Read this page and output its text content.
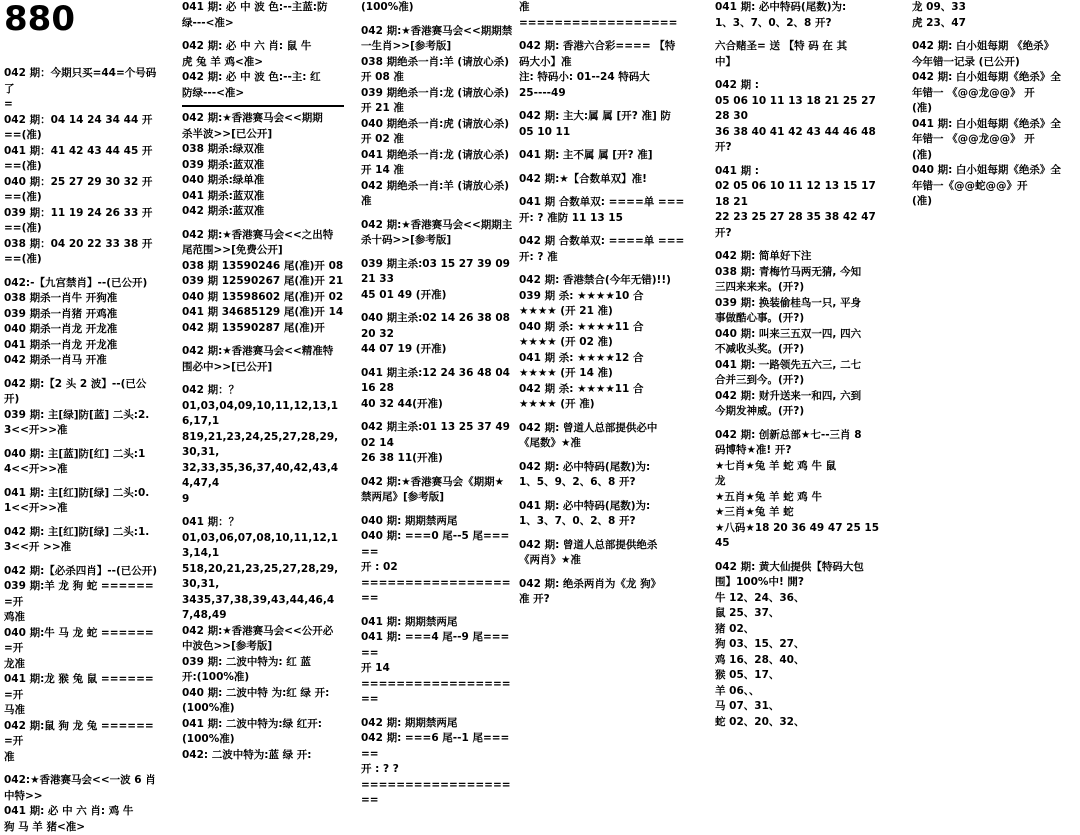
880
042 期：今期只买=44=个号码了
=
042 期：04 14 24 34 44 开==(准)
041 期：41 42 43 44 45 开==(准)
040 期：25 27 29 30 32 开==(准)
039 期：11 19 24 26 33 开==(准)
038 期：04 20 22 33 38 开==(准)
042:-【九宫禁肖】--(已公开)
038 期杀一肖牛 开狗准
039 期杀一肖猪 开鸡准
040 期杀一肖龙 开龙准
041 期杀一肖龙 开龙准
042 期杀一肖马 开准
042 期:【2 头 2 波】--(已公开)
039 期: 主[绿]防[蓝] 二头:2.
3<<开>>准
040 期: 主[蓝]防[红] 二头:1
4<<开>>准
041 期: 主[红]防[绿] 二头:0.
1<<开>>准
042 期: 主[红]防[绿] 二头:1.
3<<开 >>准
042 期:【必杀四肖】--(已公开)
039 期:羊 龙 狗 蛇 =======开
鸡准
040 期:牛 马 龙 蛇 =======开
龙准
041 期:龙 猴 兔 鼠 =======开
马准
042 期:鼠 狗 龙 兔 =======开
准
042:★香港赛马会<<一波 6 肖
中特>>
041 期: 必 中 六 肖: 鸡 牛
狗 马 羊 猪<准>
041 期: 必 中 波 色:--主蓝:防
绿---<准>
042 期: 必 中 六 肖: 鼠 牛
虎 兔 羊 鸡<准>
042 期: 必 中 波 色:--主: 红
防绿---<准>
042 期:★香港赛马会<<期期
杀半波>>[已公开]
038 期杀:绿双准
039 期杀:蓝双准
040 期杀:绿单准
041 期杀:蓝双准
042 期杀:蓝双准
042 期:★香港赛马会<<之出特
尾范围>>[免费公开]
038 期 13590246 尾(准)开 08
039 期 12590267 尾(准)开 21
040 期 13598602 尾(准)开 02
041 期 34685129 尾(准)开 14
042 期 13590287 尾(准)开
042 期:★香港赛马会<<精准特
围必中>>[已公开]
042 期：？
01,03,04,09,10,11,12,13,16,17,1
819,21,23,24,25,27,28,29,30,31,
32,33,35,36,37,40,42,43,44,47,4
9
041 期：？
01,03,06,07,08,10,11,12,13,14,1
518,20,21,23,25,27,28,29,30,31,
3435,37,38,39,43,44,46,47,48,49
042 期:★香港赛马会<<公开必
中波色>>[参考版]
039 期: 二波中特为: 红 蓝
开:(100%准)
040 期: 二波中特 为:红 绿 开:
(100%准)
041 期: 二波中特为:绿 红开:
(100%准)
042: 二波中特为:蓝 绿 开:
(100%准)
042 期:★香港赛马会<<期期禁
一生肖>>[参考版]
038 期绝杀一肖:羊 (请放心杀)
开 08 准
039 期绝杀一肖:龙 (请放心杀)
开 21 准
040 期绝杀一肖:虎 (请放心杀)
开 02 准
041 期绝杀一肖:龙 (请放心杀)
开 14 准
042 期绝杀一肖:羊 (请放心杀)
准
042 期:★香港赛马会<<期期主
杀十码>>[参考版]
039 期主杀:03 15 27 39 09 21 33
45 01 49 (开准)
040 期主杀:02 14 26 38 08 20 32
44 07 19 (开准)
041 期主杀:12 24 36 48 04 16 28
40 32 44(开准)
042 期主杀:01 13 25 37 49 02 14
26 38 11(开准)
042 期:★香港赛马会《期期★
禁两尾》[参考版]
040 期: 期期禁两尾
040 期: ===0 尾--5 尾=====
开 : 02
===================
041 期: 期期禁两尾
041 期: ===4 尾--9 尾=====
开 14
===================
042 期: 期期禁两尾
042 期: ===6 尾--1 尾=====
开 : ? ?
===================
准
==================
042 期: 香港六合彩==== 【特
码大小】准
注: 特码小: 01--24 特码大
25----49
042 期: 主大:属 属 [开? 准] 防
05 10 11
041 期: 主不属 属 [开? 准]
042 期:★【合数单双】准!
041 期 合数单双: ====单 ===
开: ? 准防 11 13 15
042 期 合数单双: ====单 ===
开: ? 准
042 期: 香港禁合(今年无错)!!)
039 期 杀: ★★★★10 合
★★★★ (开 21 准)
040 期 杀: ★★★★11 合
★★★★ (开 02 准)
041 期 杀: ★★★★12 合
★★★★ (开 14 准)
042 期 杀: ★★★★11 合
★★★★ (开 准)
042 期: 曾道人总部提供必中
《尾数》★准
042 期: 必中特码(尾数)为:
1、5、9、2、6、8 开?
041 期: 必中特码(尾数)为:
1、3、7、0、2、8 开?
042 期: 曾道人总部提供绝杀
《两肖》★准
042 期: 绝杀两肖为《龙 狗》
准 开?
041 期: 必中特码(尾数)为:
1、3、7、0、2、8 开?
六合赌圣= 送 【特 码 在 其
中】
042 期 :
05 06 10 11 13 18 21 25 27 28 30
36 38 40 41 42 43 44 46 48 开?
041 期 :
02 05 06 10 11 12 13 15 17 18 21
22 23 25 27 28 35 38 42 47 开?
042 期: 简单好下注
038 期: 青梅竹马两无猜, 今知
三四来来来。(开?)
039 期: 换装偷桂鸟一只, 平身
事做酷心事。(开?)
040 期: 叫来三五双一四, 四六
不减收头奖。(开?)
041 期: 一路领先五六三, 二七
合并三到今。(开?)
042 期: 财升送来一和四, 六到
今期发神威。(开?)
042 期: 创新总部★七--三肖 8
码博特★准! 开?
★七肖★兔 羊 蛇 鸡 牛 鼠
龙
★五肖★兔 羊 蛇 鸡 牛
★三肖★兔 羊 蛇
★八码★18 20 36 49 47 25 15
45
042 期: 黄大仙提供【特码大包
围】100%中! 開?
牛 12、24、36、
鼠 25、37、
猪 02、
狗 03、15、27、
鸡 16、28、40、
猴 05、17、
羊 06、、
马 07、31、
蛇 02、20、32、
龙 09、33
虎 23、47
042 期: 白小姐每期 《绝杀》
今年错一记录 (已公开)
042 期: 白小姐每期《绝杀》全
年错一 《@@龙@@》 开
(准)
041 期: 白小姐每期《绝杀》全
年错一 《@@龙@@》 开
(准)
040 期: 白小姐每期《绝杀》全
年错一《@@蛇@@》开
(准)
